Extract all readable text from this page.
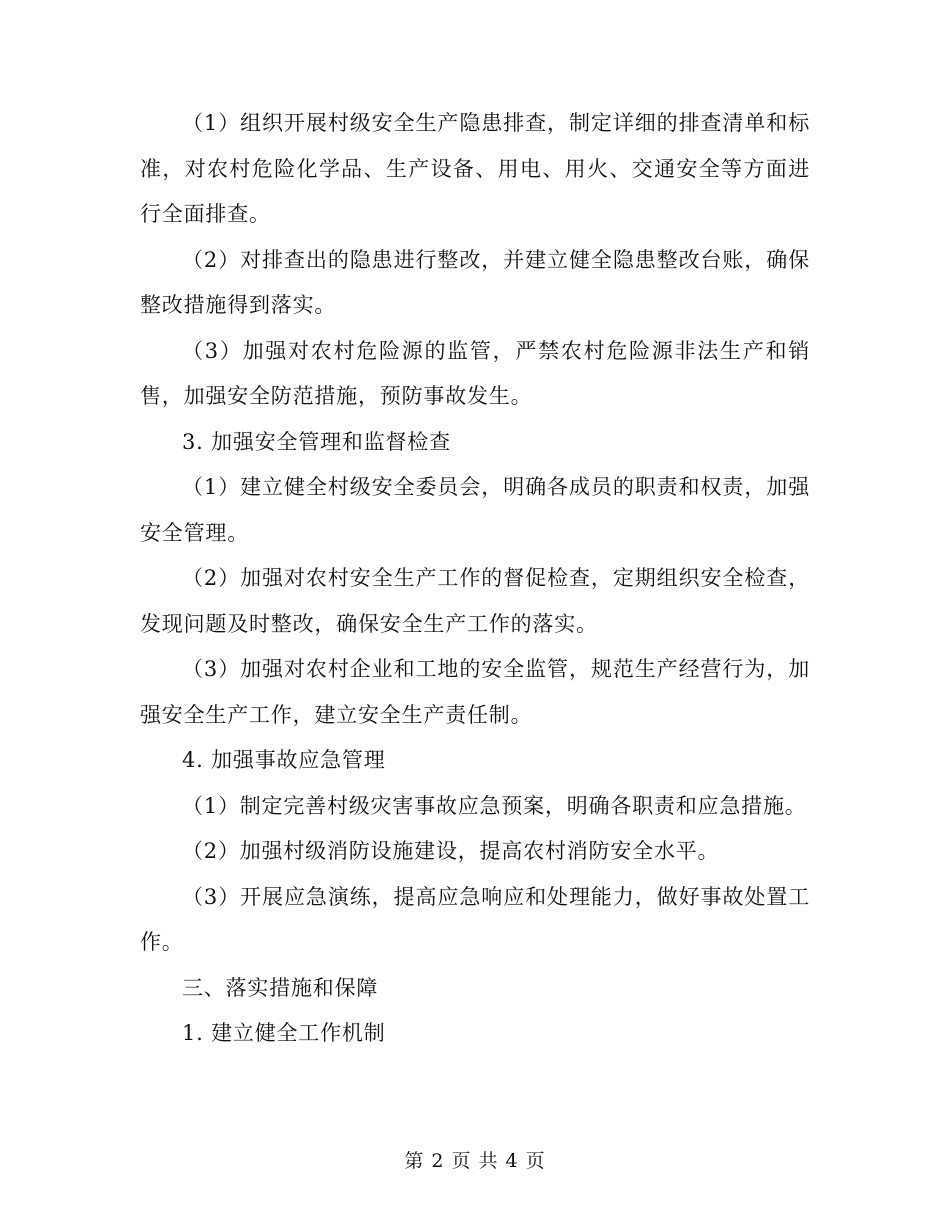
（1）组织开展村级安全生产隐患排查，制定详细的排查清单和标准，对农村危险化学品、生产设备、用电、用火、交通安全等方面进行全面排查。

（2）对排查出的隐患进行整改，并建立健全隐患整改台账，确保整改措施得到落实。

（3）加强对农村危险源的监管，严禁农村危险源非法生产和销售，加强安全防范措施，预防事故发生。

3. 加强安全管理和监督检查

（1）建立健全村级安全委员会，明确各成员的职责和权责，加强安全管理。

（2）加强对农村安全生产工作的督促检查，定期组织安全检查，发现问题及时整改，确保安全生产工作的落实。

（3）加强对农村企业和工地的安全监管，规范生产经营行为，加强安全生产工作，建立安全生产责任制。

4. 加强事故应急管理

（1）制定完善村级灾害事故应急预案，明确各职责和应急措施。

（2）加强村级消防设施建设，提高农村消防安全水平。

（3）开展应急演练，提高应急响应和处理能力，做好事故处置工作。

三、落实措施和保障

1. 建立健全工作机制

第 2 页 共 4 页
